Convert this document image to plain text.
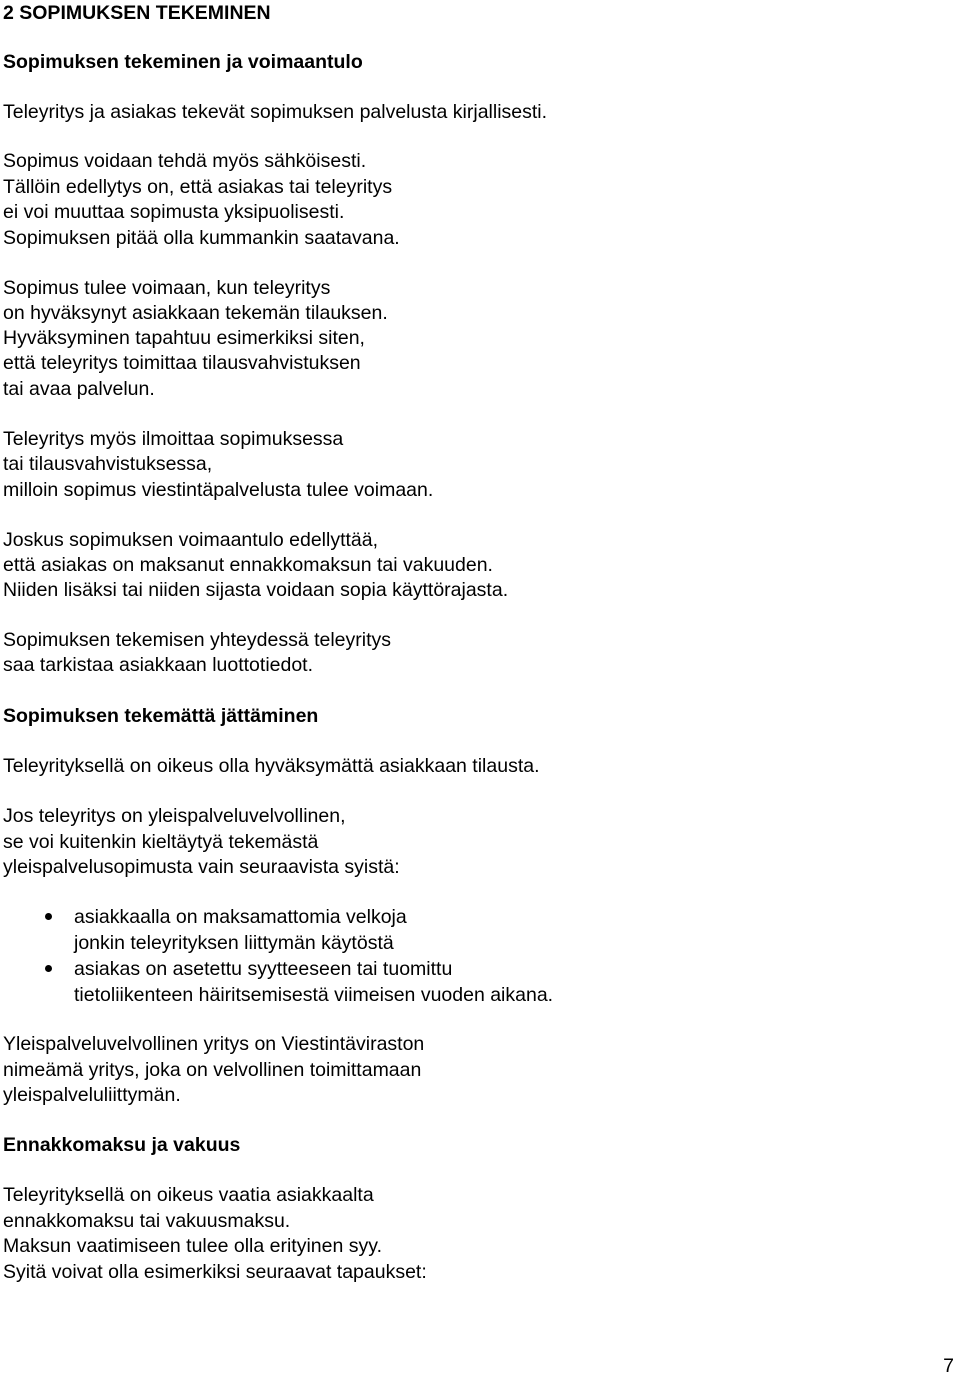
2 SOPIMUKSEN TEKEMINEN
Sopimuksen tekeminen ja voimaantulo
Teleyritys ja asiakas tekevät sopimuksen palvelusta kirjallisesti.
Sopimus voidaan tehdä myös sähköisesti.
Tällöin edellytys on, että asiakas tai teleyritys
ei voi muuttaa sopimusta yksipuolisesti.
Sopimuksen pitää olla kummankin saatavana.
Sopimus tulee voimaan, kun teleyritys
on hyväksynyt asiakkaan tekemän tilauksen.
Hyväksyminen tapahtuu esimerkiksi siten,
että teleyritys toimittaa tilausvahvistuksen
tai avaa palvelun.
Teleyritys myös ilmoittaa sopimuksessa
tai tilausvahvistuksessa,
milloin sopimus viestintäpalvelusta tulee voimaan.
Joskus sopimuksen voimaantulo edellyttää,
että asiakas on maksanut ennakkomaksun tai vakuuden.
Niiden lisäksi tai niiden sijasta voidaan sopia käyttörajasta.
Sopimuksen tekemisen yhteydessä teleyritys
saa tarkistaa asiakkaan luottotiedot.
Sopimuksen tekemättä jättäminen
Teleyrityksellä on oikeus olla hyväksymättä asiakkaan tilausta.
Jos teleyritys on yleispalveluvelvollinen,
se voi kuitenkin kieltäytyä tekemästä
yleispalvelusopimusta vain seuraavista syistä:
asiakkaalla on maksamattomia velkoja
jonkin teleyrityksen liittymän käytöstä
asiakas on asetettu syytteeseen tai tuomittu
tietoliikenteen häiritsemisestä viimeisen vuoden aikana.
Yleispalveluvelvollinen yritys on Viestintäviraston
nimeämä yritys, joka on velvollinen toimittamaan
yleispalveluliittymän.
Ennakkomaksu ja vakuus
Teleyrityksellä on oikeus vaatia asiakkaalta
ennakkomaksu tai vakuusmaksu.
Maksun vaatimiseen tulee olla erityinen syy.
Syitä voivat olla esimerkiksi seuraavat tapaukset:
7
